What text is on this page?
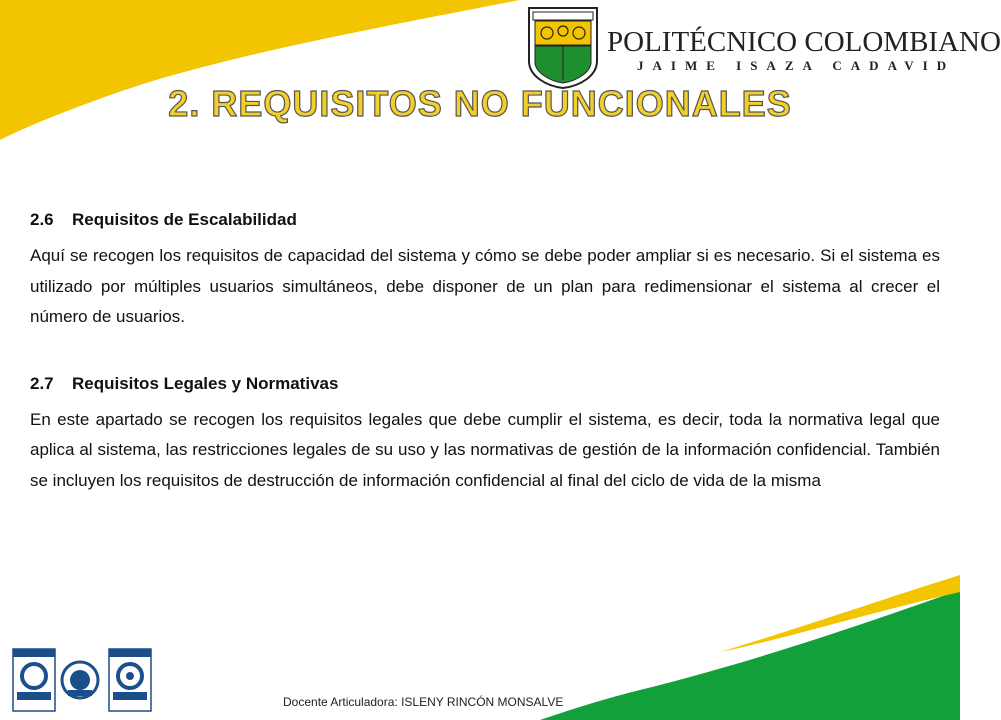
POLITÉCNICO COLOMBIANO
JAIME ISAZA CADAVID
2. REQUISITOS NO FUNCIONALES

2.6 Requisitos de Escalabilidad

Aquí se recogen los requisitos de capacidad del sistema y cómo se debe poder ampliar si es necesario. Si el sistema es utilizado por múltiples usuarios simultáneos, debe disponer de un plan para redimensionar el sistema al crecer el número de usuarios.

2.7 Requisitos Legales y Normativas

En este apartado se recogen los requisitos legales que debe cumplir el sistema, es decir, toda la normativa legal que aplica al sistema, las restricciones legales de su uso y las normativas de gestión de la información confidencial. También se incluyen los requisitos de destrucción de información confidencial al final del ciclo de vida de la misma

Docente Articuladora: ISLENY RINCÓN MONSALVE
